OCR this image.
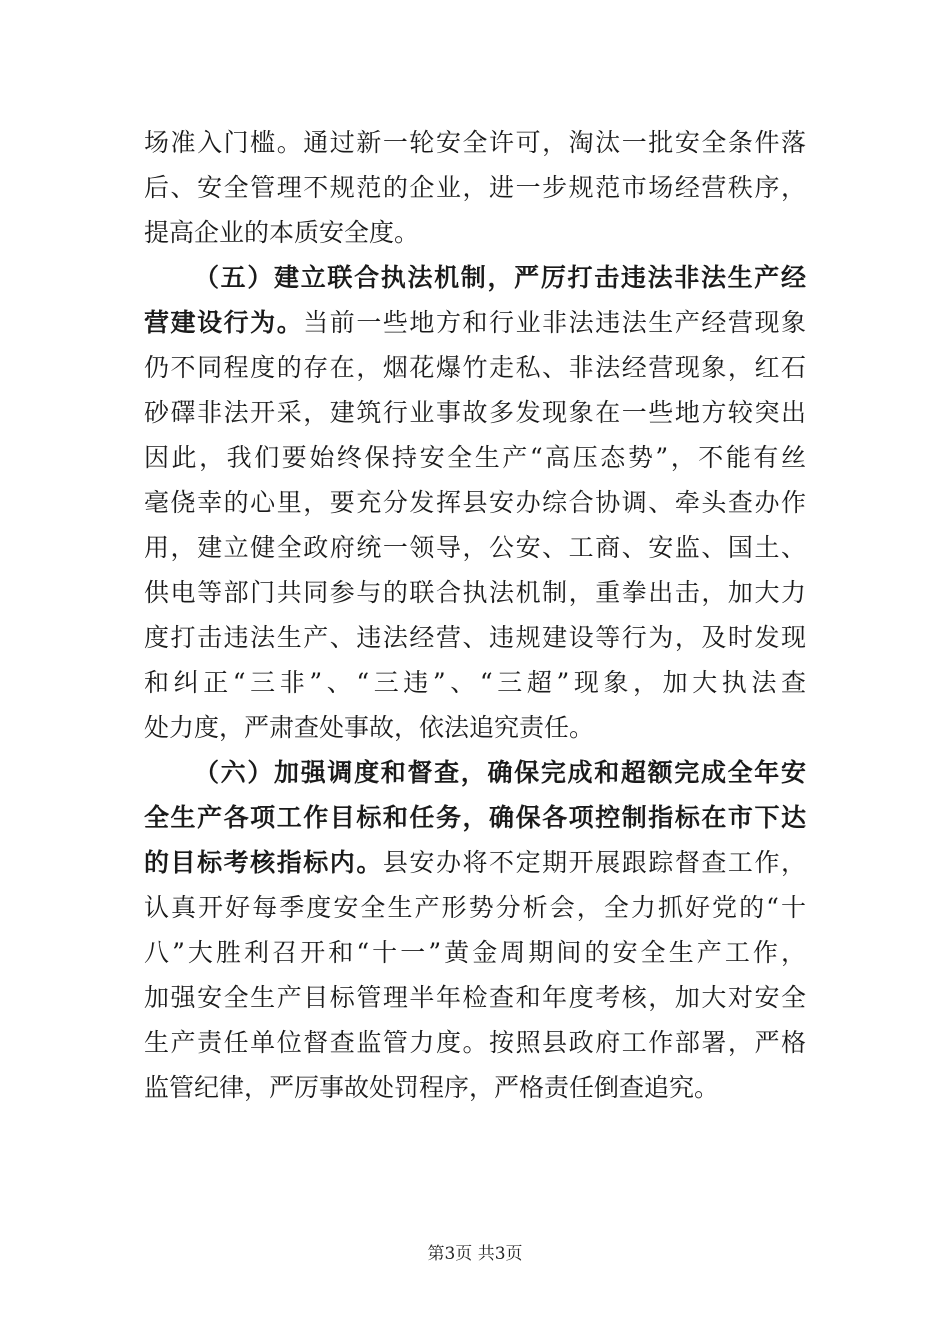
场准入门槛。通过新一轮安全许可，淘汰一批安全条件落
后、安全管理不规范的企业，进一步规范市场经营秩序，
提高企业的本质安全度。
（五）建立联合执法机制，严厉打击违法非法生产经
营建设行为。当前一些地方和行业非法违法生产经营现象
仍不同程度的存在，烟花爆竹走私、非法经营现象，红石
砂礋非法开采，建筑行业事故多发现象在一些地方较突出
因此，我们要始终保持安全生产“高压态势”，不能有丝
毫侥幸的心里，要充分发挥县安办综合协调、牵头查办作
用，建立健全政府统一领导，公安、工商、安监、国土、
供电等部门共同参与的联合执法机制，重拳出击，加大力
度打击违法生产、违法经营、违规建设等行为，及时发现
和纠正“三非”、“三违”、“三超”现象，加大执法查
处力度，严肃查处事故，依法追究责任。
（六）加强调度和督查，确保完成和超额完成全年安
全生产各项工作目标和任务，确保各项控制指标在市下达
的目标考核指标内。县安办将不定期开展跟踪督查工作，
认真开好每季度安全生产形势分析会，全力抓好党的“十
八”大胜利召开和“十一”黄金周期间的安全生产工作，
加强安全生产目标管理半年检查和年度考核，加大对安全
生产责任单位督查监管力度。按照县政府工作部署，严格
监管纪律，严厉事故处罚程序，严格责任倒查追究。
第3页 共3页
